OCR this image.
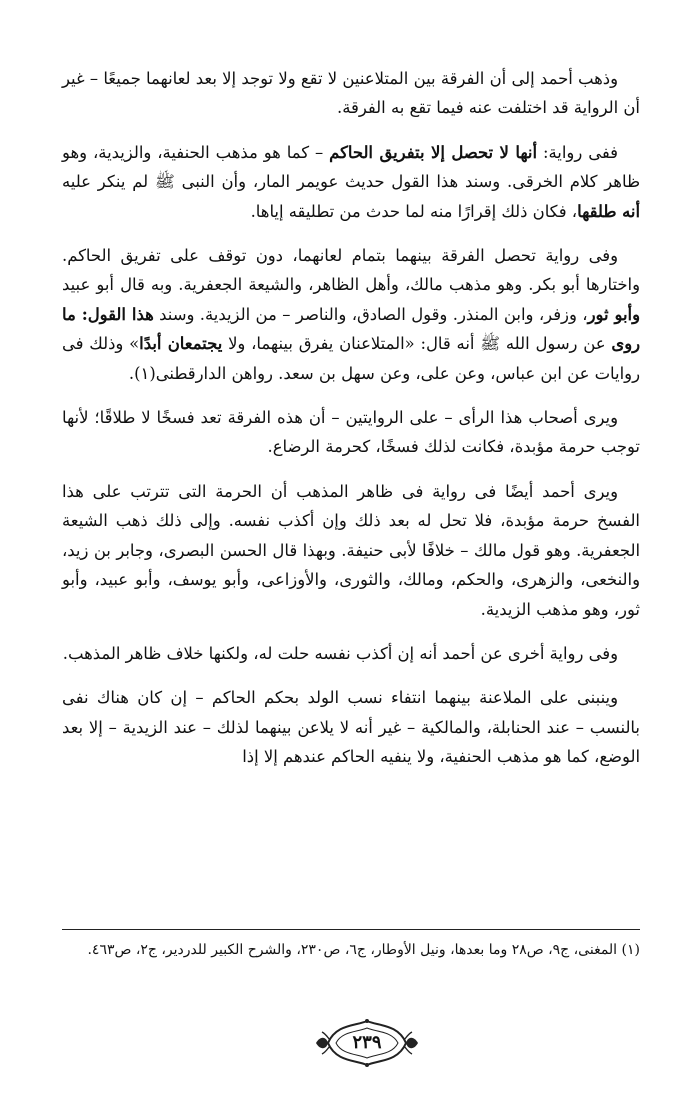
وذهب أحمد إلى أن الفرقة بين المتلاعنين لا تقع ولا توجد إلا بعد لعانهما جميعًا – غير أن الرواية قد اختلفت عنه فيما تقع به الفرقة.

ففى رواية: أنها لا تحصل إلا بتفريق الحاكم – كما هو مذهب الحنفية، والزيدية، وهو ظاهر كلام الخرقى. وسند هذا القول حديث عويمر المار، وأن النبى ﷺ لم ينكر عليه أنه طلقها، فكان ذلك إقرارًا منه لما حدث من تطليقه إياها.

وفى رواية تحصل الفرقة بينهما بتمام لعانهما، دون توقف على تفريق الحاكم. واختارها أبو بكر. وهو مذهب مالك، وأهل الظاهر، والشيعة الجعفرية. وبه قال أبو عبيد وأبو ثور، وزفر، وابن المنذر. وقول الصادق، والناصر – من الزيدية. وسند هذا القول: ما روى عن رسول الله ﷺ أنه قال: «المتلاعنان يفرق بينهما، ولا يجتمعان أبدًا» وذلك فى روايات عن ابن عباس، وعن على، وعن سهل بن سعد. رواهن الدارقطنى(١).

ويرى أصحاب هذا الرأى – على الروايتين – أن هذه الفرقة تعد فسخًا لا طلاقًا؛ لأنها توجب حرمة مؤبدة، فكانت لذلك فسخًا، كحرمة الرضاع.

ويرى أحمد أيضًا فى رواية فى ظاهر المذهب أن الحرمة التى تترتب على هذا الفسخ حرمة مؤبدة، فلا تحل له بعد ذلك وإن أكذب نفسه. وإلى ذلك ذهب الشيعة الجعفرية. وهو قول مالك – خلافًا لأبى حنيفة. وبهذا قال الحسن البصرى، وجابر بن زيد، والنخعى، والزهرى، والحكم، ومالك، والثورى، والأوزاعى، وأبو يوسف، وأبو عبيد، وأبو ثور، وهو مذهب الزيدية.

وفى رواية أخرى عن أحمد أنه إن أكذب نفسه حلت له، ولكنها خلاف ظاهر المذهب.

وينبنى على الملاعنة بينهما انتفاء نسب الولد بحكم الحاكم – إن كان هناك نفى بالنسب – عند الحنابلة، والمالكية – غير أنه لا يلاعن بينهما لذلك – عند الزيدية – إلا بعد الوضع، كما هو مذهب الحنفية، ولا ينفيه الحاكم عندهم إلا إذا

(١) المغنى، ج٩، ص٢٨ وما بعدها، ونيل الأوطار، ج٦، ص٢٣٠، والشرح الكبير للدردير، ج٢، ص٤٦٣.
٢٣٩
